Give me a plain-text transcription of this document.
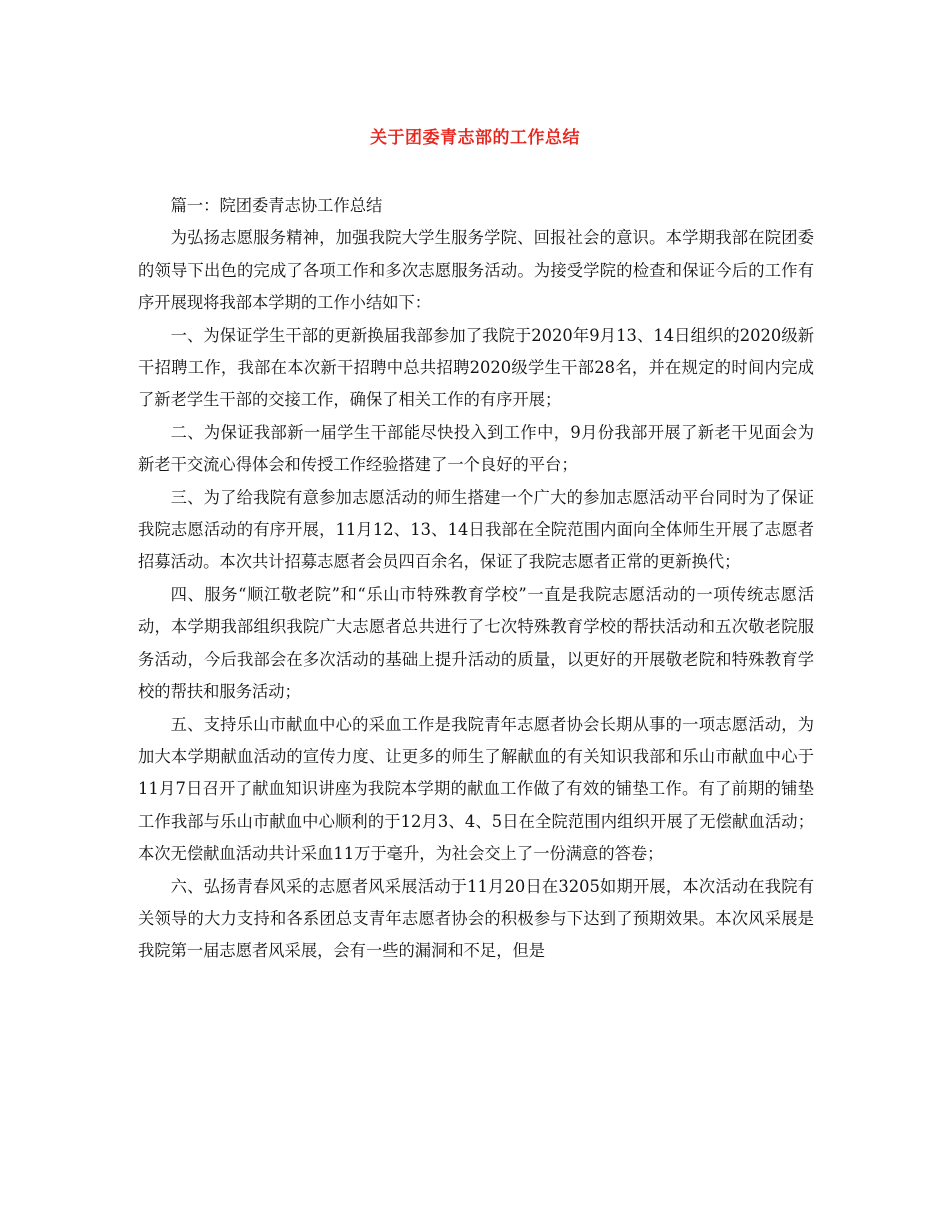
关于团委青志部的工作总结

篇一：院团委青志协工作总结

为弘扬志愿服务精神，加强我院大学生服务学院、回报社会的意识。本学期我部在院团委的领导下出色的完成了各项工作和多次志愿服务活动。为接受学院的检查和保证今后的工作有序开展现将我部本学期的工作小结如下：

一、为保证学生干部的更新换届我部参加了我院于2020年9月13、14日组织的2020级新干招聘工作，我部在本次新干招聘中总共招聘2020级学生干部28名，并在规定的时间内完成了新老学生干部的交接工作，确保了相关工作的有序开展；

二、为保证我部新一届学生干部能尽快投入到工作中，9月份我部开展了新老干见面会为新老干交流心得体会和传授工作经验搭建了一个良好的平台；

三、为了给我院有意参加志愿活动的师生搭建一个广大的参加志愿活动平台同时为了保证我院志愿活动的有序开展，11月12、13、14日我部在全院范围内面向全体师生开展了志愿者招募活动。本次共计招募志愿者会员四百余名，保证了我院志愿者正常的更新换代；

四、服务“顺江敬老院”和“乐山市特殊教育学校”一直是我院志愿活动的一项传统志愿活动，本学期我部组织我院广大志愿者总共进行了七次特殊教育学校的帮扶活动和五次敬老院服务活动，今后我部会在多次活动的基础上提升活动的质量，以更好的开展敬老院和特殊教育学校的帮扶和服务活动；

五、支持乐山市献血中心的采血工作是我院青年志愿者协会长期从事的一项志愿活动，为加大本学期献血活动的宣传力度、让更多的师生了解献血的有关知识我部和乐山市献血中心于11月7日召开了献血知识讲座为我院本学期的献血工作做了有效的铺垫工作。有了前期的铺垫工作我部与乐山市献血中心顺利的于12月3、4、5日在全院范围内组织开展了无偿献血活动；本次无偿献血活动共计采血11万于毫升，为社会交上了一份满意的答卷；

六、弘扬青春风采的志愿者风采展活动于11月20日在3205如期开展，本次活动在我院有关领导的大力支持和各系团总支青年志愿者协会的积极参与下达到了预期效果。本次风采展是我院第一届志愿者风采展，会有一些的漏洞和不足，但是
